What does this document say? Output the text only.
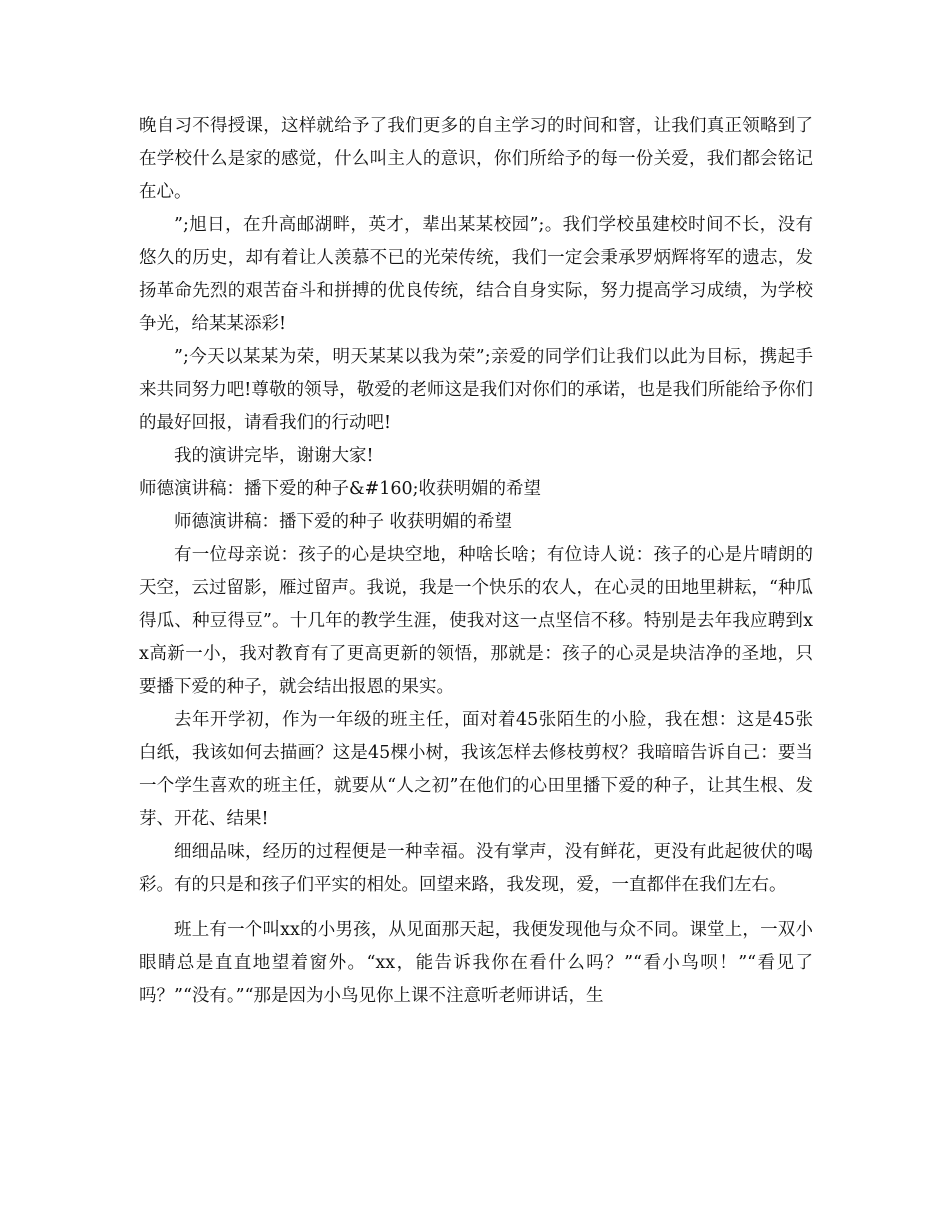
晚自习不得授课，这样就给予了我们更多的自主学习的时间和窨，让我们真正领略到了在学校什么是家的感觉，什么叫主人的意识，你们所给予的每一份关爱，我们都会铭记在心。

”;旭日，在升高邮湖畔，英才，辈出某某校园”;。我们学校虽建校时间不长，没有悠久的历史，却有着让人羡慕不已的光荣传统，我们一定会秉承罗炳辉将军的遗志，发扬革命先烈的艰苦奋斗和拼搏的优良传统，结合自身实际，努力提高学习成绩，为学校争光，给某某添彩!

”;今天以某某为荣，明天某某以我为荣”;亲爱的同学们让我们以此为目标，携起手来共同努力吧!尊敬的领导，敬爱的老师这是我们对你们的承诺，也是我们所能给予你们的最好回报，请看我们的行动吧!

我的演讲完毕，谢谢大家!

师德演讲稿：播下爱的种子&#160;收获明媚的希望

师德演讲稿：播下爱的种子 收获明媚的希望

有一位母亲说：孩子的心是块空地，种啥长啥；有位诗人说：孩子的心是片晴朗的天空，云过留影，雁过留声。我说，我是一个快乐的农人，在心灵的田地里耕耘，“种瓜得瓜、种豆得豆”。十几年的教学生涯，使我对这一点坚信不移。特别是去年我应聘到xx高新一小，我对教育有了更高更新的领悟，那就是：孩子的心灵是块洁净的圣地，只要播下爱的种子，就会结出报恩的果实。

去年开学初，作为一年级的班主任，面对着45张陌生的小脸，我在想：这是45张白纸，我该如何去描画？这是45棵小树，我该怎样去修枝剪杈？我暗暗告诉自己：要当一个学生喜欢的班主任，就要从“人之初”在他们的心田里播下爱的种子，让其生根、发芽、开花、结果!

细细品味，经历的过程便是一种幸福。没有掌声，没有鲜花，更没有此起彼伏的喝彩。有的只是和孩子们平实的相处。回望来路，我发现，爱，一直都伴在我们左右。

班上有一个叫xx的小男孩，从见面那天起，我便发现他与众不同。课堂上，一双小眼睛总是直直地望着窗外。“xx，能告诉我你在看什么吗？”“看小鸟呗！”“看见了吗？”“没有。”“那是因为小鸟见你上课不注意听老师讲话，生
